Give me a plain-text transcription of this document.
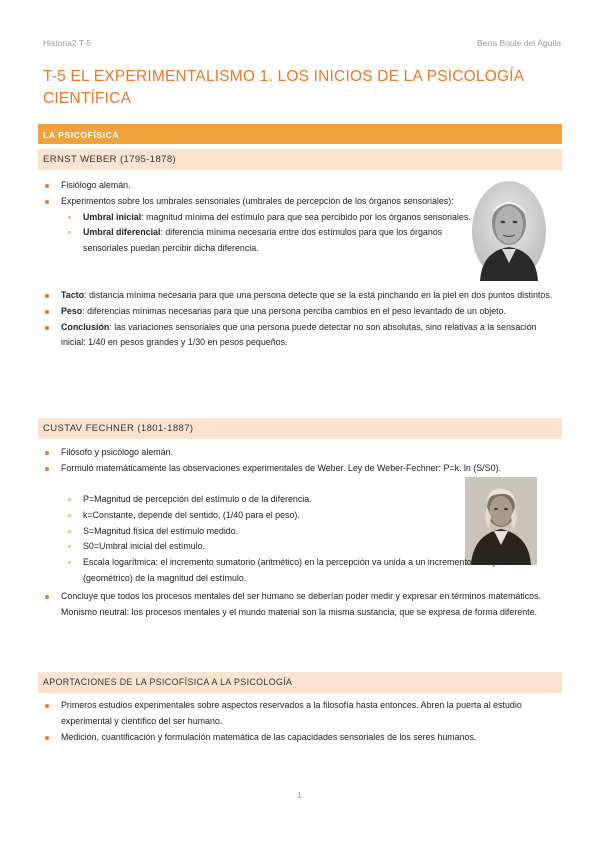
Historia2 T-5	Berta Boule del Águila
T-5 EL EXPERIMENTALISMO 1. LOS INICIOS DE LA PSICOLOGÍA CIENTÍFICA
LA PSICOFÍSICA
ERNST WEBER (1795-1878)
Fisiólogo alemán.
Experimentos sobre los umbrales sensoriales (umbrales de percepción de los órganos sensoriales):
Umbral inicial: magnitud mínima del estímulo para que sea percibido por los órganos sensoriales.
Umbral diferencial: diferencia mínima necesaria entre dos estímulos para que los órganos sensoriales puedan percibir dicha diferencia.
Tacto: distancia mínima necesaria para que una persona detecte que se la está pinchando en la piel en dos puntos distintos.
Peso: diferencias mínimas necesarias para que una persona perciba cambios en el peso levantado de un objeto.
Conclusión: las variaciones sensoriales que una persona puede detectar no son absolutas, sino relativas a la sensación inicial: 1/40 en pesos grandes y 1/30 en pesos pequeños.
CUSTAV FECHNER (1801-1887)
Filósofo y psicólogo alemán.
Formuló matemáticamente las observaciones experimentales de Weber. Ley de Weber-Fechner: P=k. ln (S/S0).
P=Magnitud de percepción del estímulo o de la diferencia.
k=Constante, depende del sentido. (1/40 para el peso).
S=Magnitud física del estímulo medido.
S0=Umbral inicial del estímulo.
Escala logarítmica: el incremento sumatorio (aritmético) en la percepción va unida a un incremento multiplicativo (geométrico) de la magnitud del estímulo.
Concluye que todos los procesos mentales del ser humano se deberían poder medir y expresar en términos matemáticos. Monismo neutral: los procesos mentales y el mundo material son la misma sustancia, que se expresa de forma diferente.
APORTACIONES DE LA PSICOFÍSICA A LA PSICOLOGÍA
Primeros estudios experimentales sobre aspectos reservados a la filosofía hasta entonces. Abren la puerta al estudio experimental y científico del ser humano.
Medición, cuantificación y formulación matemática de las capacidades sensoriales de los seres humanos.
1
